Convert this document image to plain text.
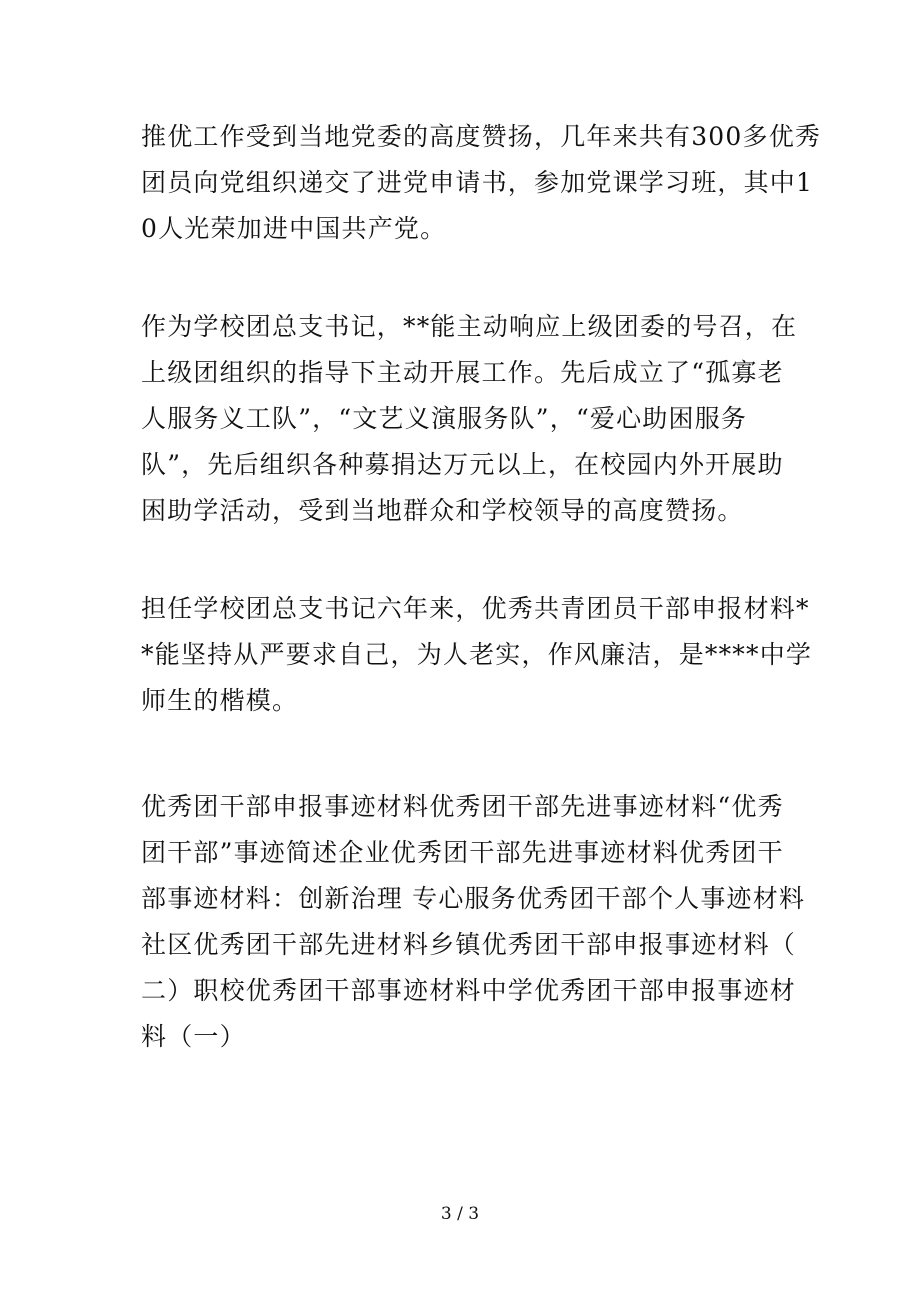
推优工作受到当地党委的高度赞扬，几年来共有300多优秀
团员向党组织递交了进党申请书，参加党课学习班，其中1
0人光荣加进中国共产党。
作为学校团总支书记，**能主动响应上级团委的号召，在
上级团组织的指导下主动开展工作。先后成立了“孤寡老
人服务义工队”，“文艺义演服务队”，“爱心助困服务
队”，先后组织各种募捐达万元以上，在校园内外开展助
困助学活动，受到当地群众和学校领导的高度赞扬。
担任学校团总支书记六年来，优秀共青团员干部申报材料*
*能坚持从严要求自己，为人老实，作风廉洁，是****中学
师生的楷模。
优秀团干部申报事迹材料优秀团干部先进事迹材料“优秀
团干部”事迹简述企业优秀团干部先进事迹材料优秀团干
部事迹材料：创新治理 专心服务优秀团干部个人事迹材料
社区优秀团干部先进材料乡镇优秀团干部申报事迹材料（
二）职校优秀团干部事迹材料中学优秀团干部申报事迹材
料（一）
3 / 3
